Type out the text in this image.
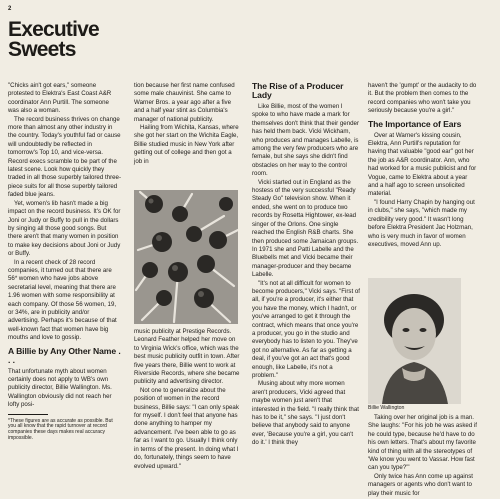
2
Executive Sweets

"Chicks ain't got ears," someone protested to Elektra's East Coast A&R coordinator Ann Purtill. The someone was also a woman.

The record business thrives on change more than almost any other industry in the country. Today's youthful fad or cause will undoubtedly be reflected in tomorrow's Top 10, and vice-versa. Record execs scramble to be part of the latest scene. Look how quickly they traded in all those superbly tailored three-piece suits for all those superbly tailored faded blue jeans.

Yet, women's lib hasn't made a big impact on the record business. It's OK for Joni or Judy or Buffy to pull in the dollars by singing all those good songs. But there aren't that many women in position to make key decisions about Joni or Judy or Buffy.

In a recent check of 28 record companies, it turned out that there are 56* women who have jobs above secretarial level, meaning that there are 1.96 women with some responsibility at each company. Of those 56 women, 19, or 34%, are in publicity and/or advertising. Perhaps it's because of that well-known fact that women have big mouths and love to gossip.

A Billie by Any Other Name . . .

That unfortunate myth about women certainly does not apply to WB's own publicity director, Billie Wallington. Ms. Wallington obviously did not reach her lofty posi-

*These figures are as accurate as possible. But you all know that the rapid turnover at record companies these days makes real accuracy impossible.

tion because her first name confused some male chauvinist. She came to Warner Bros. a year ago after a five and a half year stint as Columbia's manager of national publicity.

Hailing from Wichita, Kansas, where she got her start on the Wichita Eagle, Billie studied music in New York after getting out of college and then got a job in

music publicity at Prestige Records. Leonard Feather helped her move on to Virginia Wick's office, which was the best music publicity outfit in town. After five years there, Billie went to work at Riverside Records, where she became publicity and advertising director.

Not one to generalize about the position of women in the record business, Billie says: "I can only speak for myself. I don't feel that anyone has done anything to hamper my advancement. I've been able to go as far as I want to go. Usually I think only in terms of the present. In doing what I do, fortunately, things seem to have evolved upward."

The Rise of a Producer Lady

Like Billie, most of the women I spoke to who have made a mark for themselves don't think that their gender has held them back. Vicki Wickham, who produces and manages Labelle, is among the very few producers who are female, but she says she didn't find obstacles on her way to the control room.

Vicki started out in England as the hostess of the very successful "Ready Steady Go" television show. When it ended, she went on to produce two records by Rosetta Hightower, ex-lead singer of the Orlons. One single reached the English R&B charts. She then produced some Jamaican groups. In 1971 she and Patti Labelle and the Bluebells met and Vicki became their manager-producer and they became Labelle.

"It's not at all difficult for women to become producers," Vicki says. "First of all, if you're a producer, it's either that you have the money, which I hadn't, or you've arranged to get it through the contract, which means that once you're a producer, you go in the studio and everybody has to listen to you. They've got no alternative. As far as getting a deal, if you've got an act that's good enough, like Labelle, it's not a problem."

Musing about why more women aren't producers, Vicki agreed that maybe women just aren't that interested in the field. "I really think that has to be it," she says. "I just don't believe that anybody said to anyone ever, 'Because you're a girl, you can't do it.' I think they

haven't the 'gumpt' or the audacity to do it. But the problem then comes to the record companies who won't take you seriously because you're a girl."

The Importance of Ears

Over at Warner's kissing cousin, Elektra, Ann Purtill's reputation for having that valuable "good ear" got her the job as A&R coordinator. Ann, who had worked for a music publicist and for Vogue, came to Elektra about a year and a half ago to screen unsolicited material.

"I found Harry Chapin by hanging out in clubs," she says, "which made my credibility very good." It wasn't long before Elektra President Jac Holzman, who is very much in favor of women executives, moved Ann up.

Billie Wallington

Taking over her original job is a man. She laughs: "For his job he was asked if he could type, because he'd have to do his own letters. That's about my favorite kind of thing with all the stereotypes of 'We know you went to Vassar. How fast can you type?'"

Only twice has Ann come up against managers or agents who don't want to play their music for
